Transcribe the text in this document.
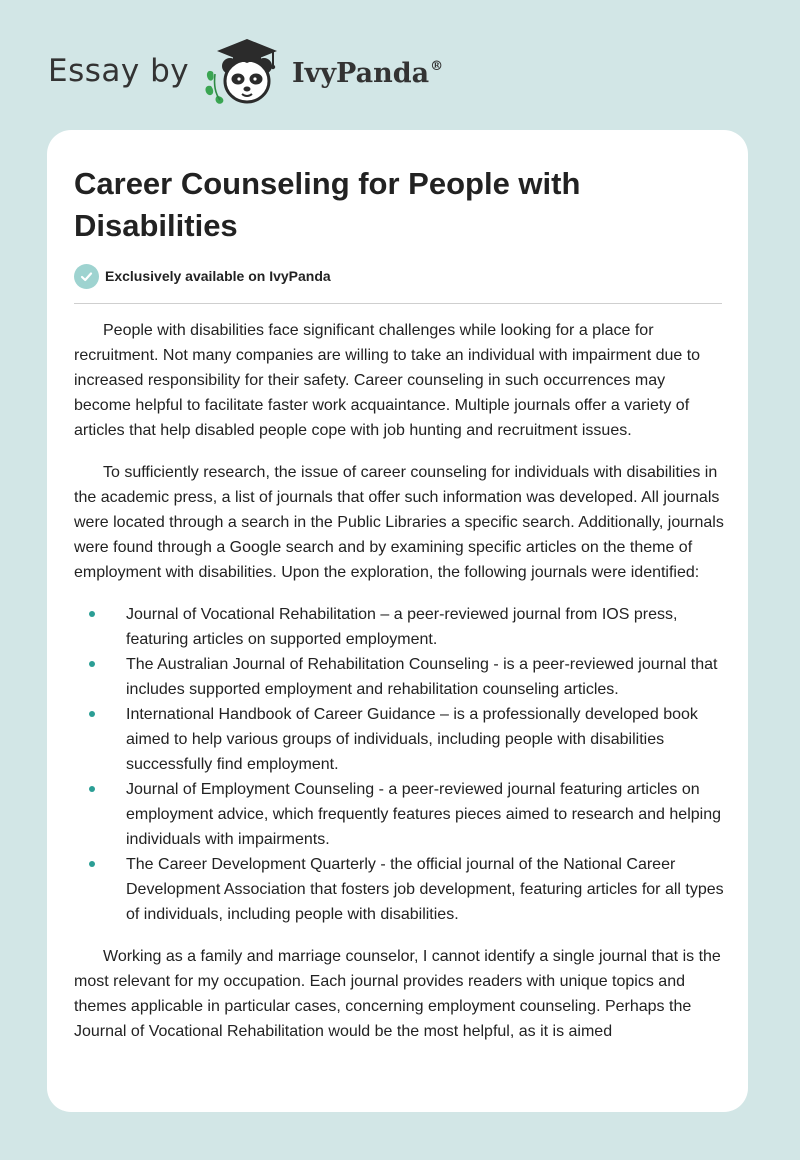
Essay by	IvyPanda®
Career Counseling for People with Disabilities
Exclusively available on IvyPanda

People with disabilities face significant challenges while looking for a place for recruitment. Not many companies are willing to take an individual with impairment due to increased responsibility for their safety. Career counseling in such occurrences may become helpful to facilitate faster work acquaintance. Multiple journals offer a variety of articles that help disabled people cope with job hunting and recruitment issues.

To sufficiently research, the issue of career counseling for individuals with disabilities in the academic press, a list of journals that offer such information was developed. All journals were located through a search in the Public Libraries a specific search. Additionally, journals were found through a Google search and by examining specific articles on the theme of employment with disabilities. Upon the exploration, the following journals were identified:

Journal of Vocational Rehabilitation – a peer-reviewed journal from IOS press, featuring articles on supported employment.
The Australian Journal of Rehabilitation Counseling - is a peer-reviewed journal that includes supported employment and rehabilitation counseling articles.
International Handbook of Career Guidance – is a professionally developed book aimed to help various groups of individuals, including people with disabilities successfully find employment.
Journal of Employment Counseling - a peer-reviewed journal featuring articles on employment advice, which frequently features pieces aimed to research and helping individuals with impairments.
The Career Development Quarterly - the official journal of the National Career Development Association that fosters job development, featuring articles for all types of individuals, including people with disabilities.

Working as a family and marriage counselor, I cannot identify a single journal that is the most relevant for my occupation. Each journal provides readers with unique topics and themes applicable in particular cases, concerning employment counseling. Perhaps the Journal of Vocational Rehabilitation would be the most helpful, as it is aimed
